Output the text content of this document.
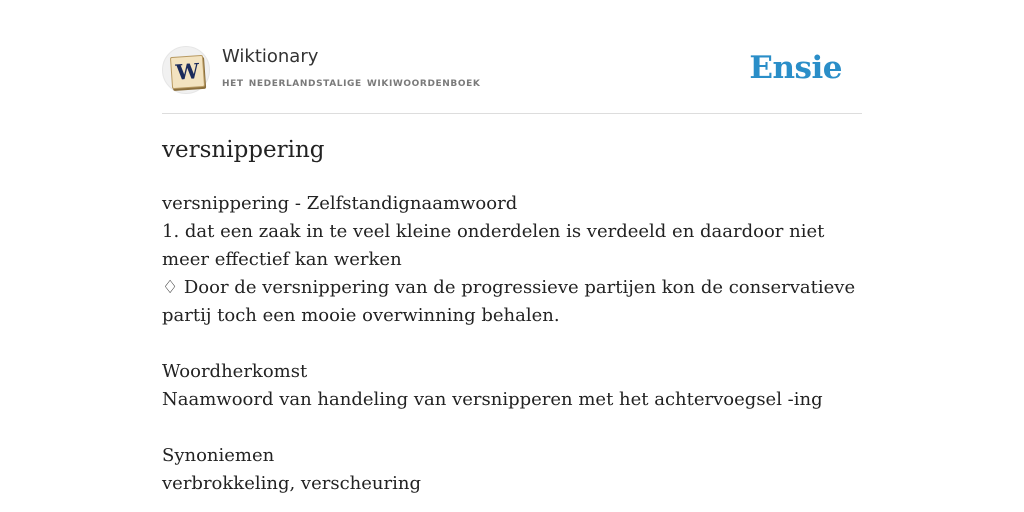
W
Wiktionary
het nederlandstalige wikiwoordenboek	Ensie
versnippering

versnippering - Zelfstandignaamwoord

1. dat een zaak in te veel kleine onderdelen is verdeeld en daardoor niet meer effectief kan werken

♢ Door de versnippering van de progressieve partijen kon de conservatieve partij toch een mooie overwinning behalen.

Woordherkomst

Naamwoord van handeling van versnipperen met het achtervoegsel -ing

Synoniemen

verbrokkeling, verscheuring
